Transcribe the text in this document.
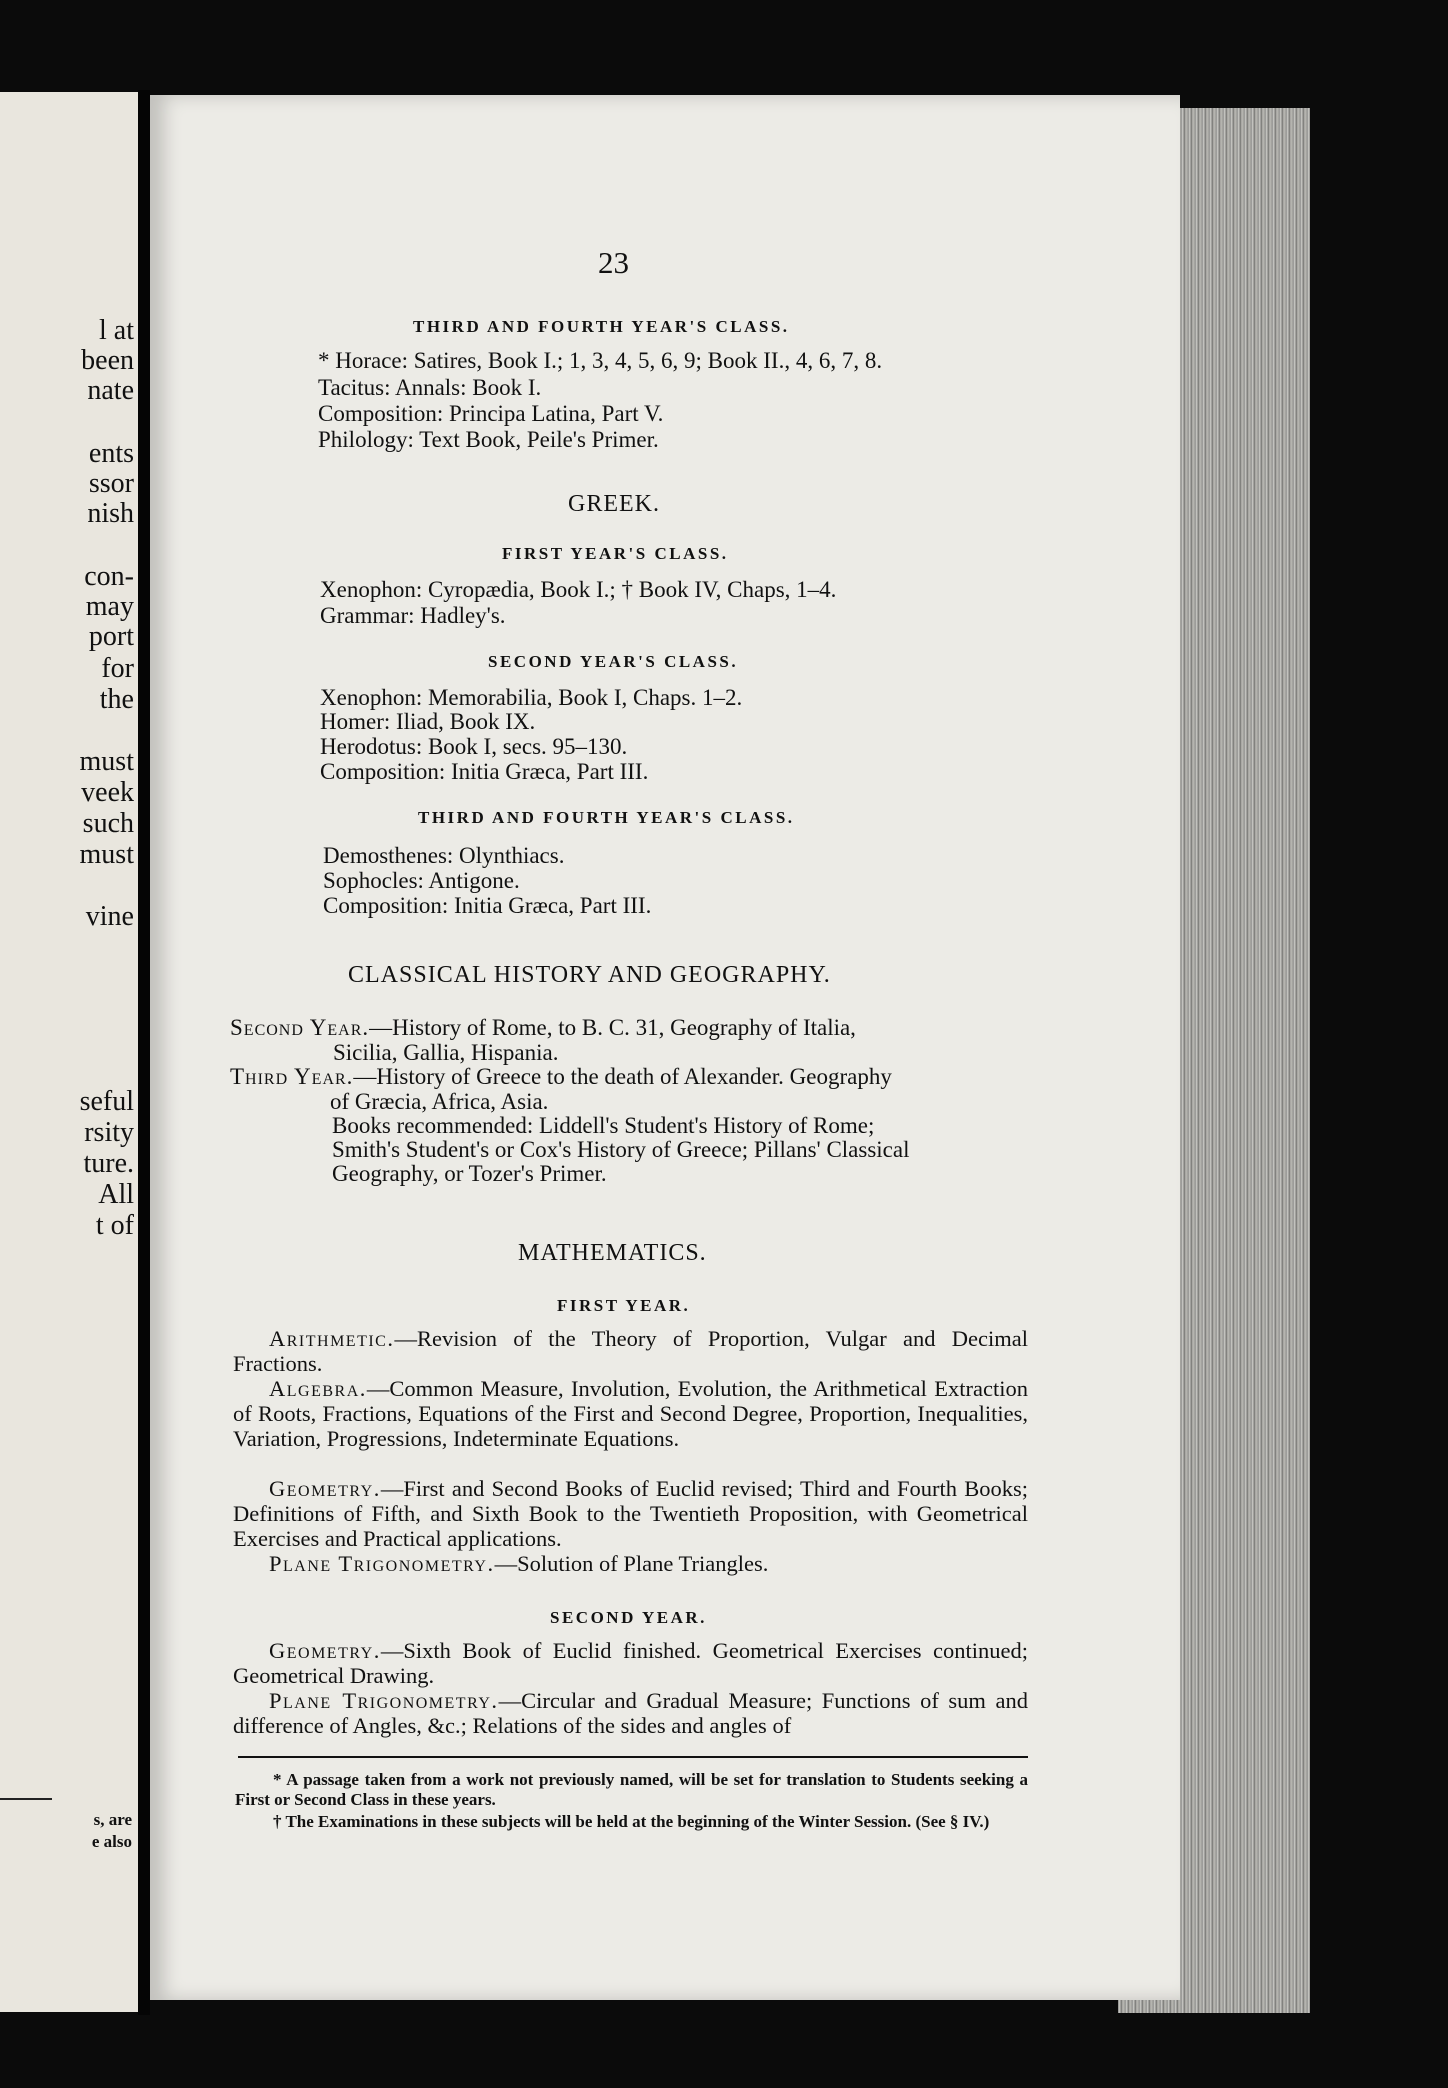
l at
been
nate
ents
ssor
nish
con-
may
port
for
the
must
veek
such
must
vine
seful
rsity
ture.
All
t of
s, are
e also
23
THIRD AND FOURTH YEAR'S CLASS.
* Horace: Satires, Book I.; 1, 3, 4, 5, 6, 9; Book II., 4, 6, 7, 8.
Tacitus: Annals: Book I.
Composition: Principa Latina, Part V.
Philology: Text Book, Peile's Primer.
GREEK.
FIRST YEAR'S CLASS.
Xenophon: Cyropædia, Book I.; † Book IV, Chaps, 1–4.
Grammar: Hadley's.
SECOND YEAR'S CLASS.
Xenophon: Memorabilia, Book I, Chaps. 1–2.
Homer: Iliad, Book IX.
Herodotus: Book I, secs. 95–130.
Composition: Initia Græca, Part III.
THIRD AND FOURTH YEAR'S CLASS.
Demosthenes: Olynthiacs.
Sophocles: Antigone.
Composition: Initia Græca, Part III.
CLASSICAL HISTORY AND GEOGRAPHY.
Second Year.—History of Rome, to B. C. 31, Geography of Italia,
Sicilia, Gallia, Hispania.
Third Year.—History of Greece to the death of Alexander. Geography
of Græcia, Africa, Asia.
Books recommended: Liddell's Student's History of Rome;
Smith's Student's or Cox's History of Greece; Pillans' Classical
Geography, or Tozer's Primer.
MATHEMATICS.
FIRST YEAR.
Arithmetic.—Revision of the Theory of Proportion, Vulgar and Decimal Fractions.
Algebra.—Common Measure, Involution, Evolution, the Arithmetical Extraction of Roots, Fractions, Equations of the First and Second Degree, Proportion, Inequalities, Variation, Progressions, Indeterminate Equations.
Geometry.—First and Second Books of Euclid revised; Third and Fourth Books; Definitions of Fifth, and Sixth Book to the Twentieth Proposition, with Geometrical Exercises and Practical applications.
Plane Trigonometry.—Solution of Plane Triangles.
SECOND YEAR.
Geometry.—Sixth Book of Euclid finished. Geometrical Exercises continued; Geometrical Drawing.
Plane Trigonometry.—Circular and Gradual Measure; Functions of sum and difference of Angles, &c.; Relations of the sides and angles of
* A passage taken from a work not previously named, will be set for translation to Students seeking a First or Second Class in these years.
† The Examinations in these subjects will be held at the beginning of the Winter Session. (See § IV.)
